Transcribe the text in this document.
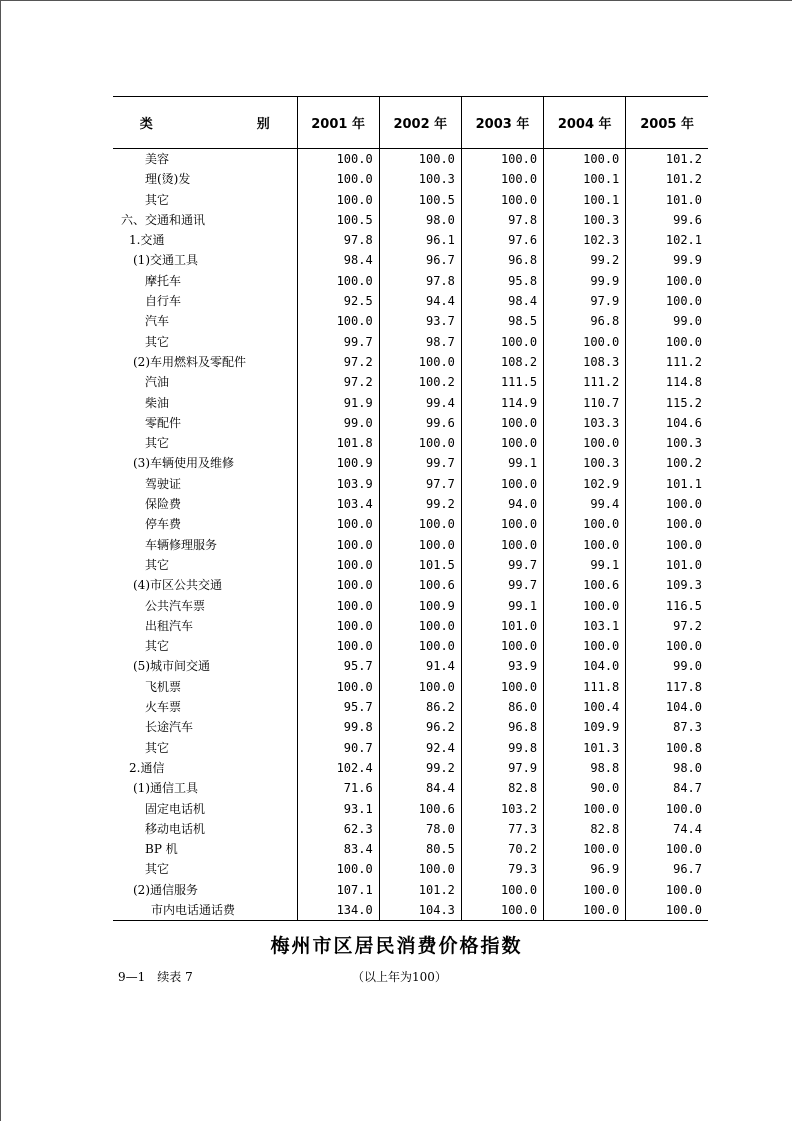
类　　别	2001 年	2002 年	2003 年	2004 年	2005 年
美容	100.0	100.0	100.0	100.0	101.2
理(烫)发	100.0	100.3	100.0	100.1	101.2
其它	100.0	100.5	100.0	100.1	101.0
六、交通和通讯	100.5	98.0	97.8	100.3	99.6
1.交通	97.8	96.1	97.6	102.3	102.1
(1)交通工具	98.4	96.7	96.8	99.2	99.9
摩托车	100.0	97.8	95.8	99.9	100.0
自行车	92.5	94.4	98.4	97.9	100.0
汽车	100.0	93.7	98.5	96.8	99.0
其它	99.7	98.7	100.0	100.0	100.0
(2)车用燃料及零配件	97.2	100.0	108.2	108.3	111.2
汽油	97.2	100.2	111.5	111.2	114.8
柴油	91.9	99.4	114.9	110.7	115.2
零配件	99.0	99.6	100.0	103.3	104.6
其它	101.8	100.0	100.0	100.0	100.3
(3)车辆使用及维修	100.9	99.7	99.1	100.3	100.2
驾驶证	103.9	97.7	100.0	102.9	101.1
保险费	103.4	99.2	94.0	99.4	100.0
停车费	100.0	100.0	100.0	100.0	100.0
车辆修理服务	100.0	100.0	100.0	100.0	100.0
其它	100.0	101.5	99.7	99.1	101.0
(4)市区公共交通	100.0	100.6	99.7	100.6	109.3
公共汽车票	100.0	100.9	99.1	100.0	116.5
出租汽车	100.0	100.0	101.0	103.1	97.2
其它	100.0	100.0	100.0	100.0	100.0
(5)城市间交通	95.7	91.4	93.9	104.0	99.0
飞机票	100.0	100.0	100.0	111.8	117.8
火车票	95.7	86.2	86.0	100.4	104.0
长途汽车	99.8	96.2	96.8	109.9	87.3
其它	90.7	92.4	99.8	101.3	100.8
2.通信	102.4	99.2	97.9	98.8	98.0
(1)通信工具	71.6	84.4	82.8	90.0	84.7
固定电话机	93.1	100.6	103.2	100.0	100.0
移动电话机	62.3	78.0	77.3	82.8	74.4
BP 机	83.4	80.5	70.2	100.0	100.0
其它	100.0	100.0	79.3	96.9	96.7
(2)通信服务	107.1	101.2	100.0	100.0	100.0
市内电话通话费	134.0	104.3	100.0	100.0	100.0
梅州市区居民消费价格指数
9—1　续表 7	（以上年为100）
